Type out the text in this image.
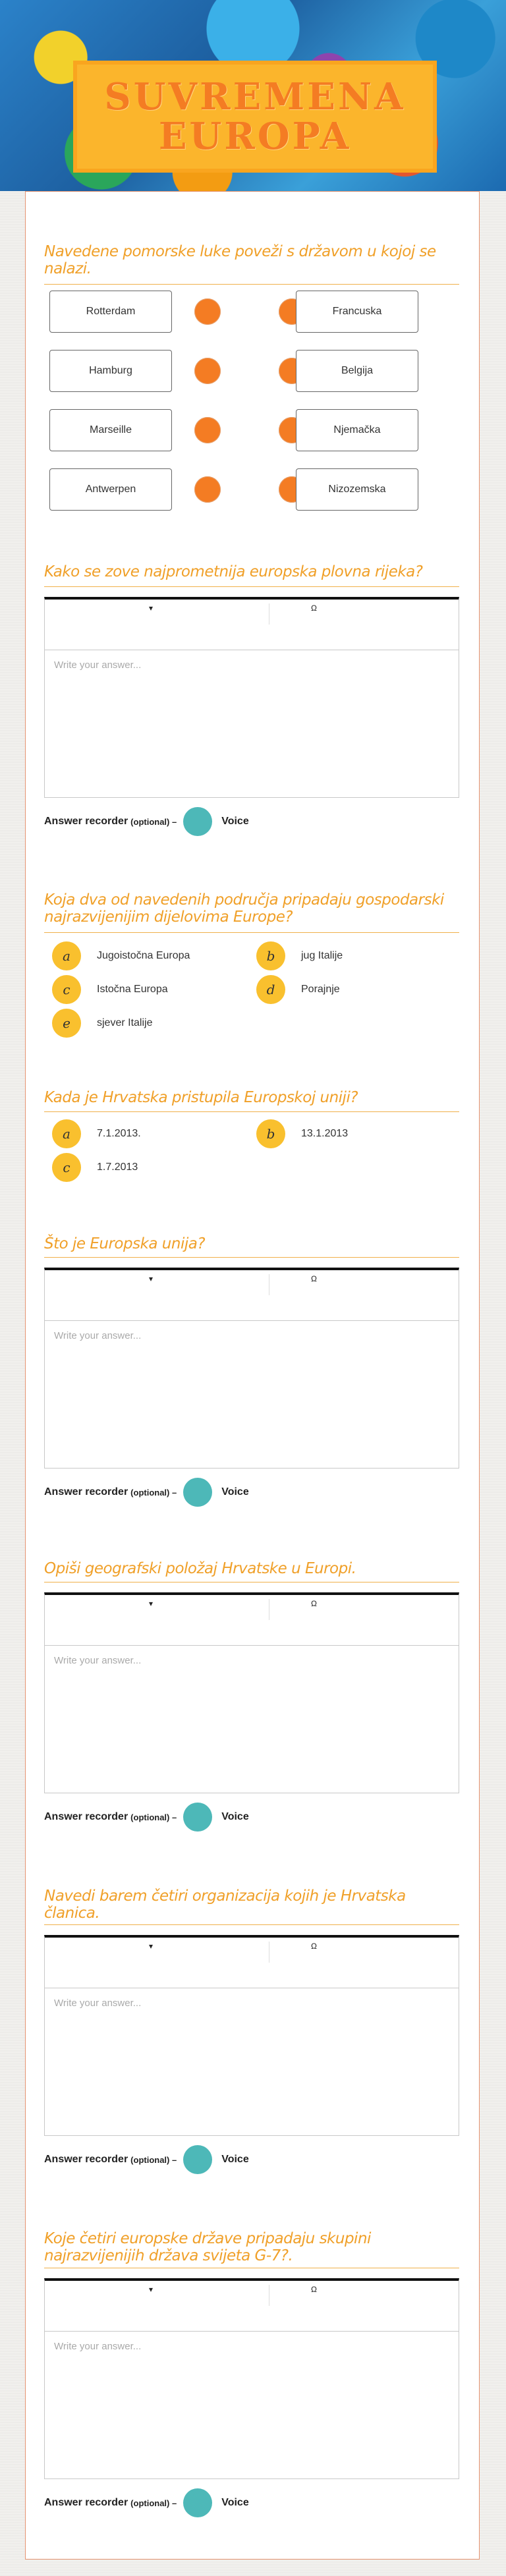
SUVREMENA EUROPA
Navedene pomorske luke poveži s državom u kojoj se nalazi.
Rotterdam	Francuska
Hamburg	Belgija
Marseille	Njemačka
Antwerpen	Nizozemska
Kako se zove najprometnija europska plovna rijeka?
▾	Ω
Write your answer...
Answer recorder (optional) –	Voice
Koja dva od navedenih područja pripadaju gospodarski najrazvijenijim dijelovima Europe?
a	Jugoistočna Europa	b	jug Italije
c	Istočna Europa	d	Porajnje
e	sjever Italije
Kada je Hrvatska pristupila Europskoj uniji?
a	7.1.2013.	b	13.1.2013
c	1.7.2013
Što je Europska unija?
▾	Ω
Write your answer...
Answer recorder (optional) –	Voice
Opiši geografski položaj Hrvatske u Europi.
▾	Ω
Write your answer...
Answer recorder (optional) –	Voice
Navedi barem četiri organizacija kojih je Hrvatska članica.
▾	Ω
Write your answer...
Answer recorder (optional) –	Voice
Koje četiri europske države pripadaju skupini najrazvijenijih država svijeta G-7?.
▾	Ω
Write your answer...
Answer recorder (optional) –	Voice
